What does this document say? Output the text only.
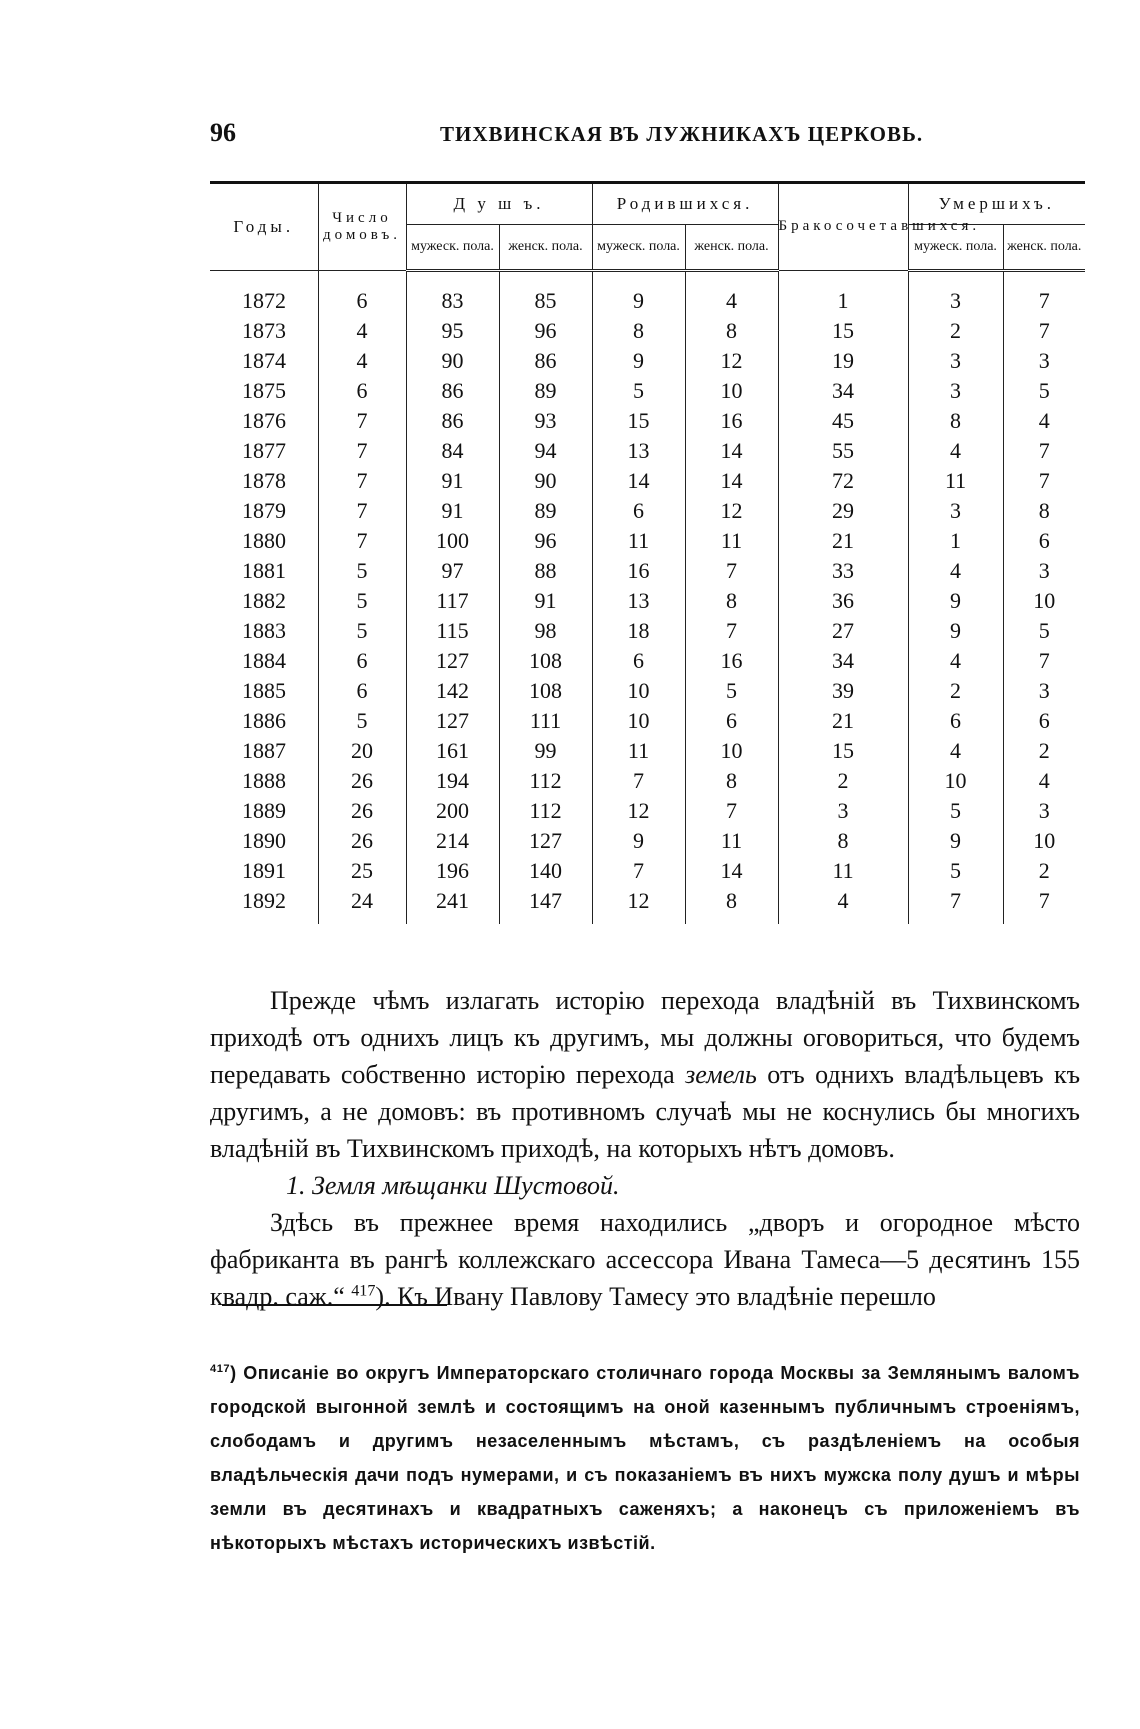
96	ТИХВИНСКАЯ ВЪ ЛУЖНИКАХЪ ЦЕРКОВЬ.
Годы.	Число домовъ.	Д у ш ъ.		Родившихся.		Бракосочетавшихся.	Умершихъ.	
		мужеск. пола.	женск. пола.	мужеск. пола.	женск. пола.		мужеск. пола.	женск. пола.

1872	6	83	85	9	4	1	3	7
1873	4	95	96	8	8	15	2	7
1874	4	90	86	9	12	19	3	3
1875	6	86	89	5	10	34	3	5
1876	7	86	93	15	16	45	8	4
1877	7	84	94	13	14	55	4	7
1878	7	91	90	14	14	72	11	7
1879	7	91	89	6	12	29	3	8
1880	7	100	96	11	11	21	1	6
1881	5	97	88	16	7	33	4	3
1882	5	117	91	13	8	36	9	10
1883	5	115	98	18	7	27	9	5
1884	6	127	108	6	16	34	4	7
1885	6	142	108	10	5	39	2	3
1886	5	127	111	10	6	21	6	6
1887	20	161	99	11	10	15	4	2
1888	26	194	112	7	8	2	10	4
1889	26	200	112	12	7	3	5	3
1890	26	214	127	9	11	8	9	10
1891	25	196	140	7	14	11	5	2
1892	24	241	147	12	8	4	7	7

Прежде чѣмъ излагать исторію перехода владѣній въ Тихвинскомъ приходѣ отъ однихъ лицъ къ другимъ, мы должны оговориться, что будемъ передавать собственно исторію перехода земель отъ однихъ владѣльцевъ къ другимъ, а не домовъ: въ противномъ случаѣ мы не коснулись бы многихъ владѣній въ Тихвинскомъ приходѣ, на которыхъ нѣтъ домовъ.

1. Земля мѣщанки Шустовой.

Здѣсь въ прежнее время находились „дворъ и огородное мѣсто фабриканта въ рангѣ коллежскаго ассессора Ивана Тамеса—5 десятинъ 155 квадр. саж.“ $^{417}$). Къ Ивану Павлову Тамесу это владѣніе перешло

$^{417}$) Описаніе во округъ Императорскаго столичнаго города Москвы за Землянымъ валомъ городской выгонной землѣ и состоящимъ на оной казеннымъ публичнымъ строеніямъ, слободамъ и другимъ незаселеннымъ мѣстамъ, съ раздѣленіемъ на особыя владѣльческія дачи подъ нумерами, и съ показаніемъ въ нихъ мужска полу душъ и мѣры земли въ десятинахъ и квадратныхъ саженяхъ; а наконецъ съ приложеніемъ въ нѣкоторыхъ мѣстахъ историческихъ извѣстій.
